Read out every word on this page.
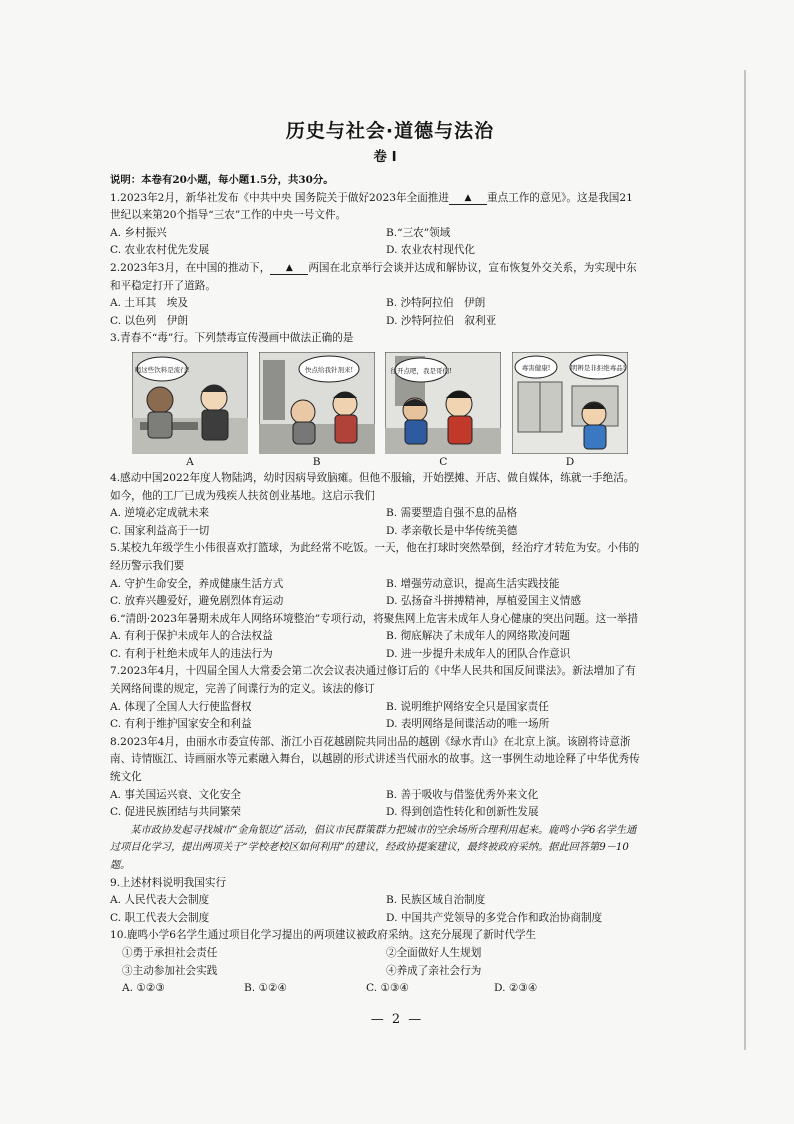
历史与社会·道德与法治
卷 Ⅰ
说明：本卷有20小题，每小题1.5分，共30分。
1.2023年2月，新华社发布《中共中央 国务院关于做好2023年全面推进 ▲ 重点工作的意见》。这是我国21世纪以来第20个指导“三农”工作的中央一号文件。
A. 乡村振兴	B.“三农”领域
C. 农业农村优先发展	D. 农业农村现代化
2.2023年3月，在中国的推动下， ▲ 两国在北京举行会谈并达成和解协议，宣布恢复外交关系，为实现中东和平稳定打开了道路。
A. 土耳其　埃及	B. 沙特阿拉伯　伊朗
C. 以色列　伊朗	D. 沙特阿拉伯　叙利亚
3.青春不“毒”行。下列禁毒宣传漫画中做法正确的是
喝这些饮料是流行!
A
快点给我针剂来!
B
往开点吧，我是哥们!
C
毒害健康!	明辨是非拒绝毒品!
D
4.感动中国2022年度人物陆鸿，幼时因病导致脑瘫。但他不服输，开始摆摊、开店、做自媒体，练就一手绝活。如今，他的工厂已成为残疾人扶贫创业基地。这启示我们
A. 逆境必定成就未来	B. 需要塑造自强不息的品格
C. 国家利益高于一切	D. 孝亲敬长是中华传统美德
5.某校九年级学生小伟很喜欢打篮球，为此经常不吃饭。一天，他在打球时突然晕倒，经治疗才转危为安。小伟的经历警示我们要
A. 守护生命安全，养成健康生活方式	B. 增强劳动意识，提高生活实践技能
C. 放弃兴趣爱好，避免剧烈体育运动	D. 弘扬奋斗拼搏精神，厚植爱国主义情感
6.“清朗·2023年暑期未成年人网络环境整治”专项行动，将聚焦网上危害未成年人身心健康的突出问题。这一举措
A. 有利于保护未成年人的合法权益	B. 彻底解决了未成年人的网络欺凌问题
C. 有利于杜绝未成年人的违法行为	D. 进一步提升未成年人的团队合作意识
7.2023年4月，十四届全国人大常委会第二次会议表决通过修订后的《中华人民共和国反间谍法》。新法增加了有关网络间谍的规定，完善了间谍行为的定义。该法的修订
A. 体现了全国人大行使监督权	B. 说明维护网络安全只是国家责任
C. 有利于维护国家安全和利益	D. 表明网络是间谍活动的唯一场所
8.2023年4月，由丽水市委宣传部、浙江小百花越剧院共同出品的越剧《绿水青山》在北京上演。该剧将诗意浙南、诗情瓯江、诗画丽水等元素融入舞台，以越剧的形式讲述当代丽水的故事。这一事例生动地诠释了中华优秀传统文化
A. 事关国运兴衰、文化安全	B. 善于吸收与借鉴优秀外来文化
C. 促进民族团结与共同繁荣	D. 得到创造性转化和创新性发展
某市政协发起寻找城市“金角银边”活动，倡议市民群策群力把城市的空余场所合理利用起来。鹿鸣小学6名学生通过项目化学习，提出两项关于“学校老校区如何利用”的建议，经政协提案建议，最终被政府采纳。据此回答第9－10题。
9.上述材料说明我国实行
A. 人民代表大会制度	B. 民族区域自治制度
C. 职工代表大会制度	D. 中国共产党领导的多党合作和政治协商制度
10.鹿鸣小学6名学生通过项目化学习提出的两项建议被政府采纳。这充分展现了新时代学生
①勇于承担社会责任	②全面做好人生规划
③主动参加社会实践	④养成了亲社会行为
A. ①②③	B. ①②④	C. ①③④	D. ②③④
— 2 —
